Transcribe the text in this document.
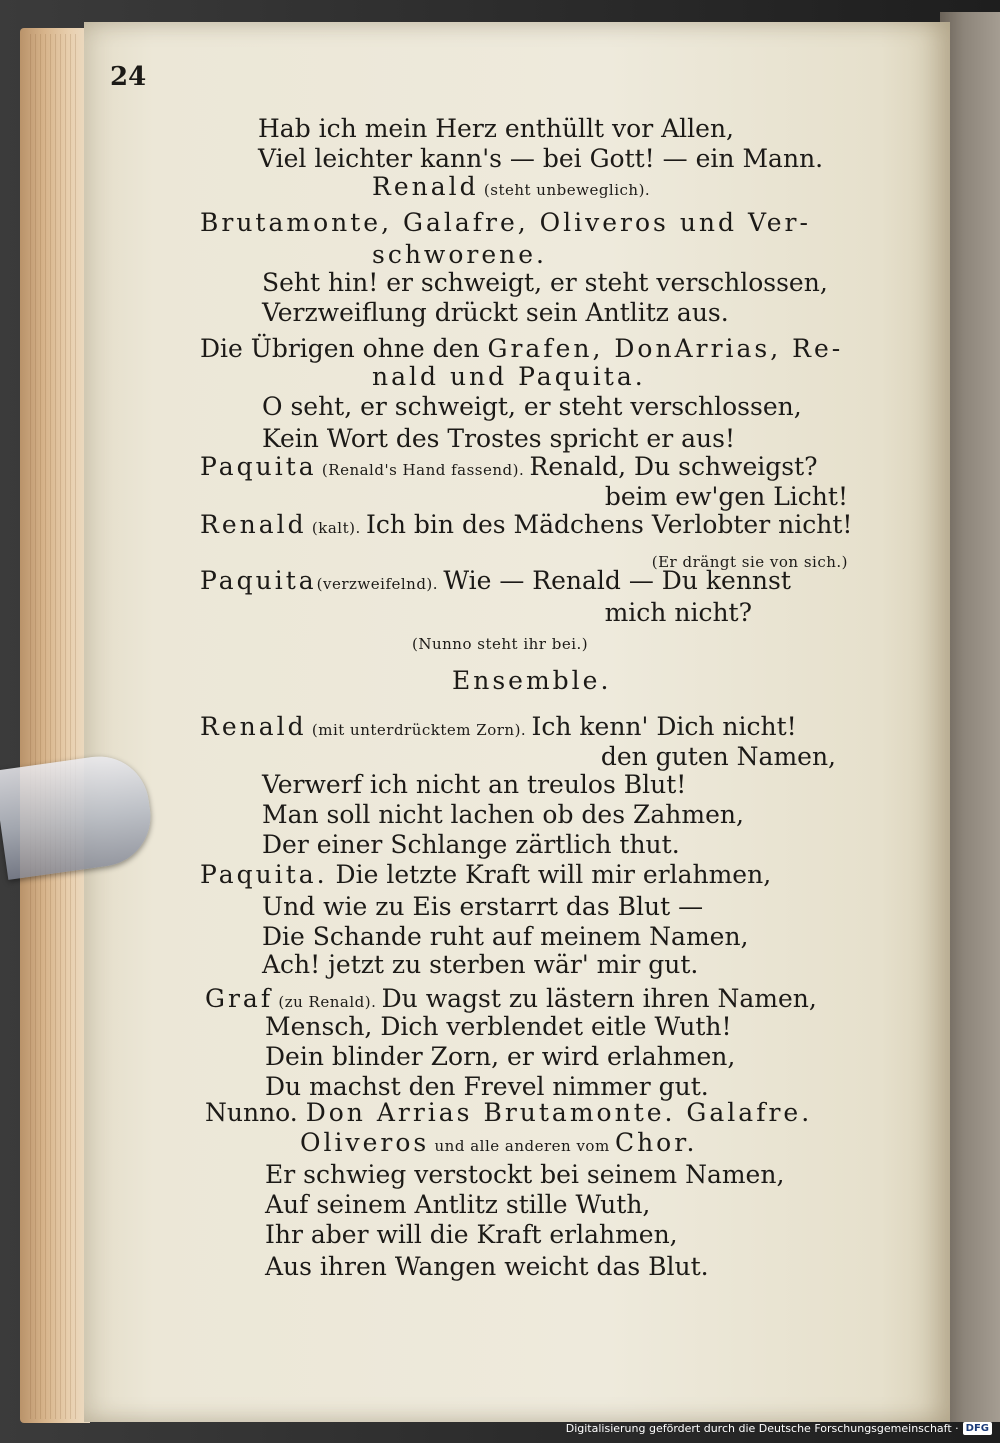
24
Hab ich mein Herz enthüllt vor Allen,
Viel leichter kann's — bei Gott! — ein Mann.
Renald (steht unbeweglich).
Brutamonte, Galafre, Oliveros und Ver-
schworene.
Seht hin! er schweigt, er steht verschlossen,
Verzweiflung drückt sein Antlitz aus.
Die Übrigen ohne den Grafen, DonArrias, Re-
nald und Paquita.
O seht, er schweigt, er steht verschlossen,
Kein Wort des Trostes spricht er aus!
Paquita (Renald's Hand fassend). Renald, Du schweigst?
beim ew'gen Licht!
Renald (kalt). Ich bin des Mädchens Verlobter nicht!
(Er drängt sie von sich.)
Paquita(verzweifelnd). Wie — Renald — Du kennst
mich nicht?
(Nunno steht ihr bei.)
Ensemble.
Renald (mit unterdrücktem Zorn). Ich kenn' Dich nicht!
den guten Namen,
Verwerf ich nicht an treulos Blut!
Man soll nicht lachen ob des Zahmen,
Der einer Schlange zärtlich thut.
Paquita. Die letzte Kraft will mir erlahmen,
Und wie zu Eis erstarrt das Blut —
Die Schande ruht auf meinem Namen,
Ach! jetzt zu sterben wär' mir gut.
Graf (zu Renald). Du wagst zu lästern ihren Namen,
Mensch, Dich verblendet eitle Wuth!
Dein blinder Zorn, er wird erlahmen,
Du machst den Frevel nimmer gut.
Nunno. Don Arrias Brutamonte. Galafre.
Oliveros und alle anderen vom Chor.
Er schwieg verstockt bei seinem Namen,
Auf seinem Antlitz stille Wuth,
Ihr aber will die Kraft erlahmen,
Aus ihren Wangen weicht das Blut.
Digitalisierung gefördert durch die Deutsche Forschungsgemeinschaft · DFG
